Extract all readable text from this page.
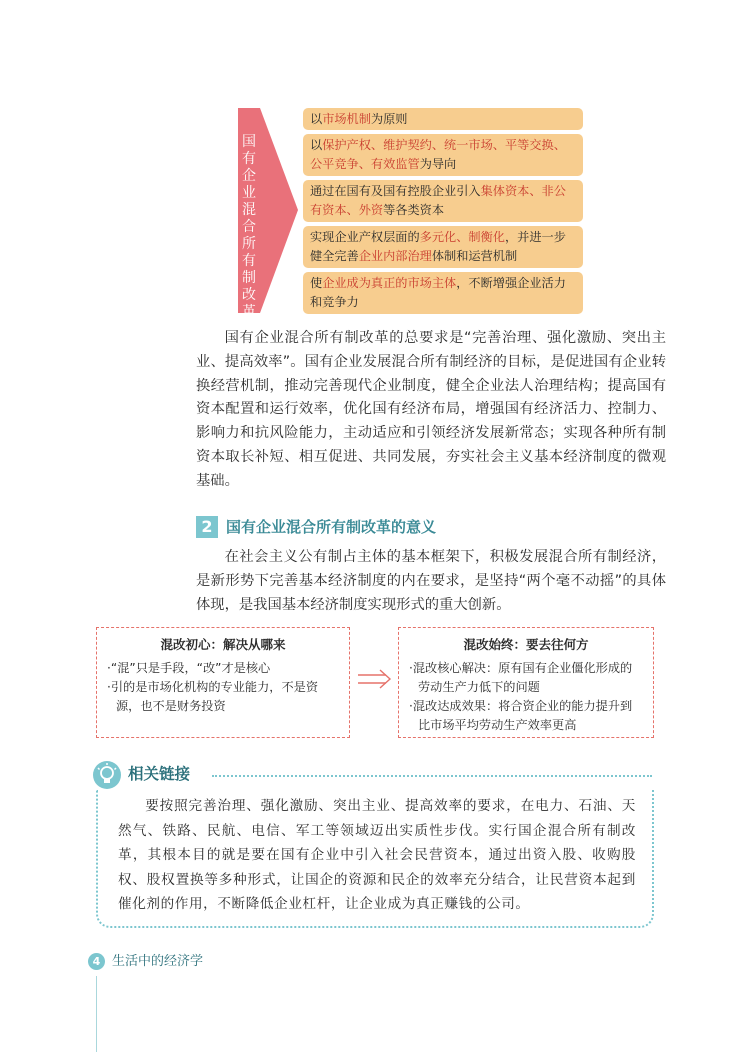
国
有
企
业
混
合
所
有
制
改
革
以市场机制为原则
以保护产权、维护契约、统一市场、平等交换、公平竞争、有效监管为导向
通过在国有及国有控股企业引入集体资本、非公有资本、外资等各类资本
实现企业产权层面的多元化、制衡化，并进一步健全完善企业内部治理体制和运营机制
使企业成为真正的市场主体，不断增强企业活力和竞争力

国有企业混合所有制改革的总要求是“完善治理、强化激励、突出主业、提高效率”。国有企业发展混合所有制经济的目标，是促进国有企业转换经营机制，推动完善现代企业制度，健全企业法人治理结构；提高国有资本配置和运行效率，优化国有经济布局，增强国有经济活力、控制力、影响力和抗风险能力，主动适应和引领经济发展新常态；实现各种所有制资本取长补短、相互促进、共同发展，夯实社会主义基本经济制度的微观基础。

2 国有企业混合所有制改革的意义

在社会主义公有制占主体的基本框架下，积极发展混合所有制经济，是新形势下完善基本经济制度的内在要求，是坚持“两个毫不动摇”的具体体现，是我国基本经济制度实现形式的重大创新。

混改初心：解决从哪来
·“混”只是手段，“改”才是核心
·引的是市场化机构的专业能力，不是资源，也不是财务投资
混改始终：要去往何方
·混改核心解决：原有国有企业僵化形成的劳动生产力低下的问题
·混改达成效果：将合资企业的能力提升到比市场平均劳动生产效率更高
相关链接

要按照完善治理、强化激励、突出主业、提高效率的要求，在电力、石油、天然气、铁路、民航、电信、军工等领域迈出实质性步伐。实行国企混合所有制改革，其根本目的就是要在国有企业中引入社会民营资本，通过出资入股、收购股权、股权置换等多种形式，让国企的资源和民企的效率充分结合，让民营资本起到催化剂的作用，不断降低企业杠杆，让企业成为真正赚钱的公司。

4 生活中的经济学
